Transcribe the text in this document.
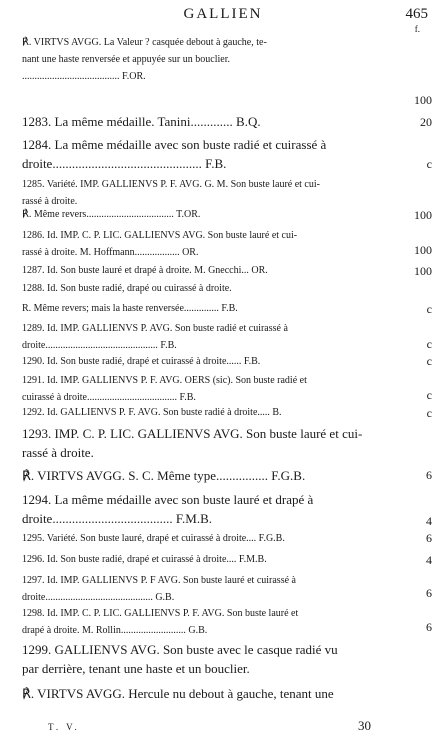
GALLIEN	465
f.
℟. VIRTVS AVGG. La Valeur ? casquée debout à gauche, te-
nant une haste renversée et appuyée sur un bouclier.
....................................... F.OR.
100
1283. La même médaille. Tanini............. B.Q.	20
1284. La même médaille avec son buste radié et cuirassé à
droite.............................................. F.B.	c
1285. Variété. IMP. GALLIENVS P. F. AVG. G. M. Son buste lauré et cui-
rassé à droite.
℟. Même revers................................... T.OR.	100
1286. Id. IMP. C. P. LIC. GALLIENVS AVG. Son buste lauré et cui-
rassé à droite. M. Hoffmann.................. OR.	100
1287. Id. Son buste lauré et drapé à droite. M. Gnecchi... OR.	100
1288. Id. Son buste radié, drapé ou cuirassé à droite.
R. Même revers; mais la haste renversée.............. F.B.	c
1289. Id. IMP. GALLIENVS P. AVG. Son buste radié et cuirassé à
droite............................................. F.B.	c
1290. Id. Son buste radié, drapé et cuirassé à droite...... F.B.	c
1291. Id. IMP. GALLIENVS P. F. AVG. OERS (sic). Son buste radié et
cuirassé à droite.................................... F.B.	c
1292. Id. GALLIENVS P. F. AVG. Son buste radié à droite..... B.	c
1293. IMP. C. P. LIC. GALLIENVS AVG. Son buste lauré et cui-
rassé à droite.
℟. VIRTVS AVGG. S. C. Même type................ F.G.B.	6
1294. La même médaille avec son buste lauré et drapé à
droite..................................... F.M.B.	4
1295. Variété. Son buste lauré, drapé et cuirassé à droite.... F.G.B.	6
1296. Id. Son buste radié, drapé et cuirassé à droite.... F.M.B.	4
1297. Id. IMP. GALLIENVS P. F AVG. Son buste lauré et cuirassé à
droite........................................... G.B.	6
1298. Id. IMP. C. P. LIC. GALLIENVS P. F. AVG. Son buste lauré et
drapé à droite. M. Rollin.......................... G.B.	6
1299. GALLIENVS AVG. Son buste avec le casque radié vu
par derrière, tenant une haste et un bouclier.
℟. VIRTVS AVGG. Hercule nu debout à gauche, tenant une
T. V.	30
